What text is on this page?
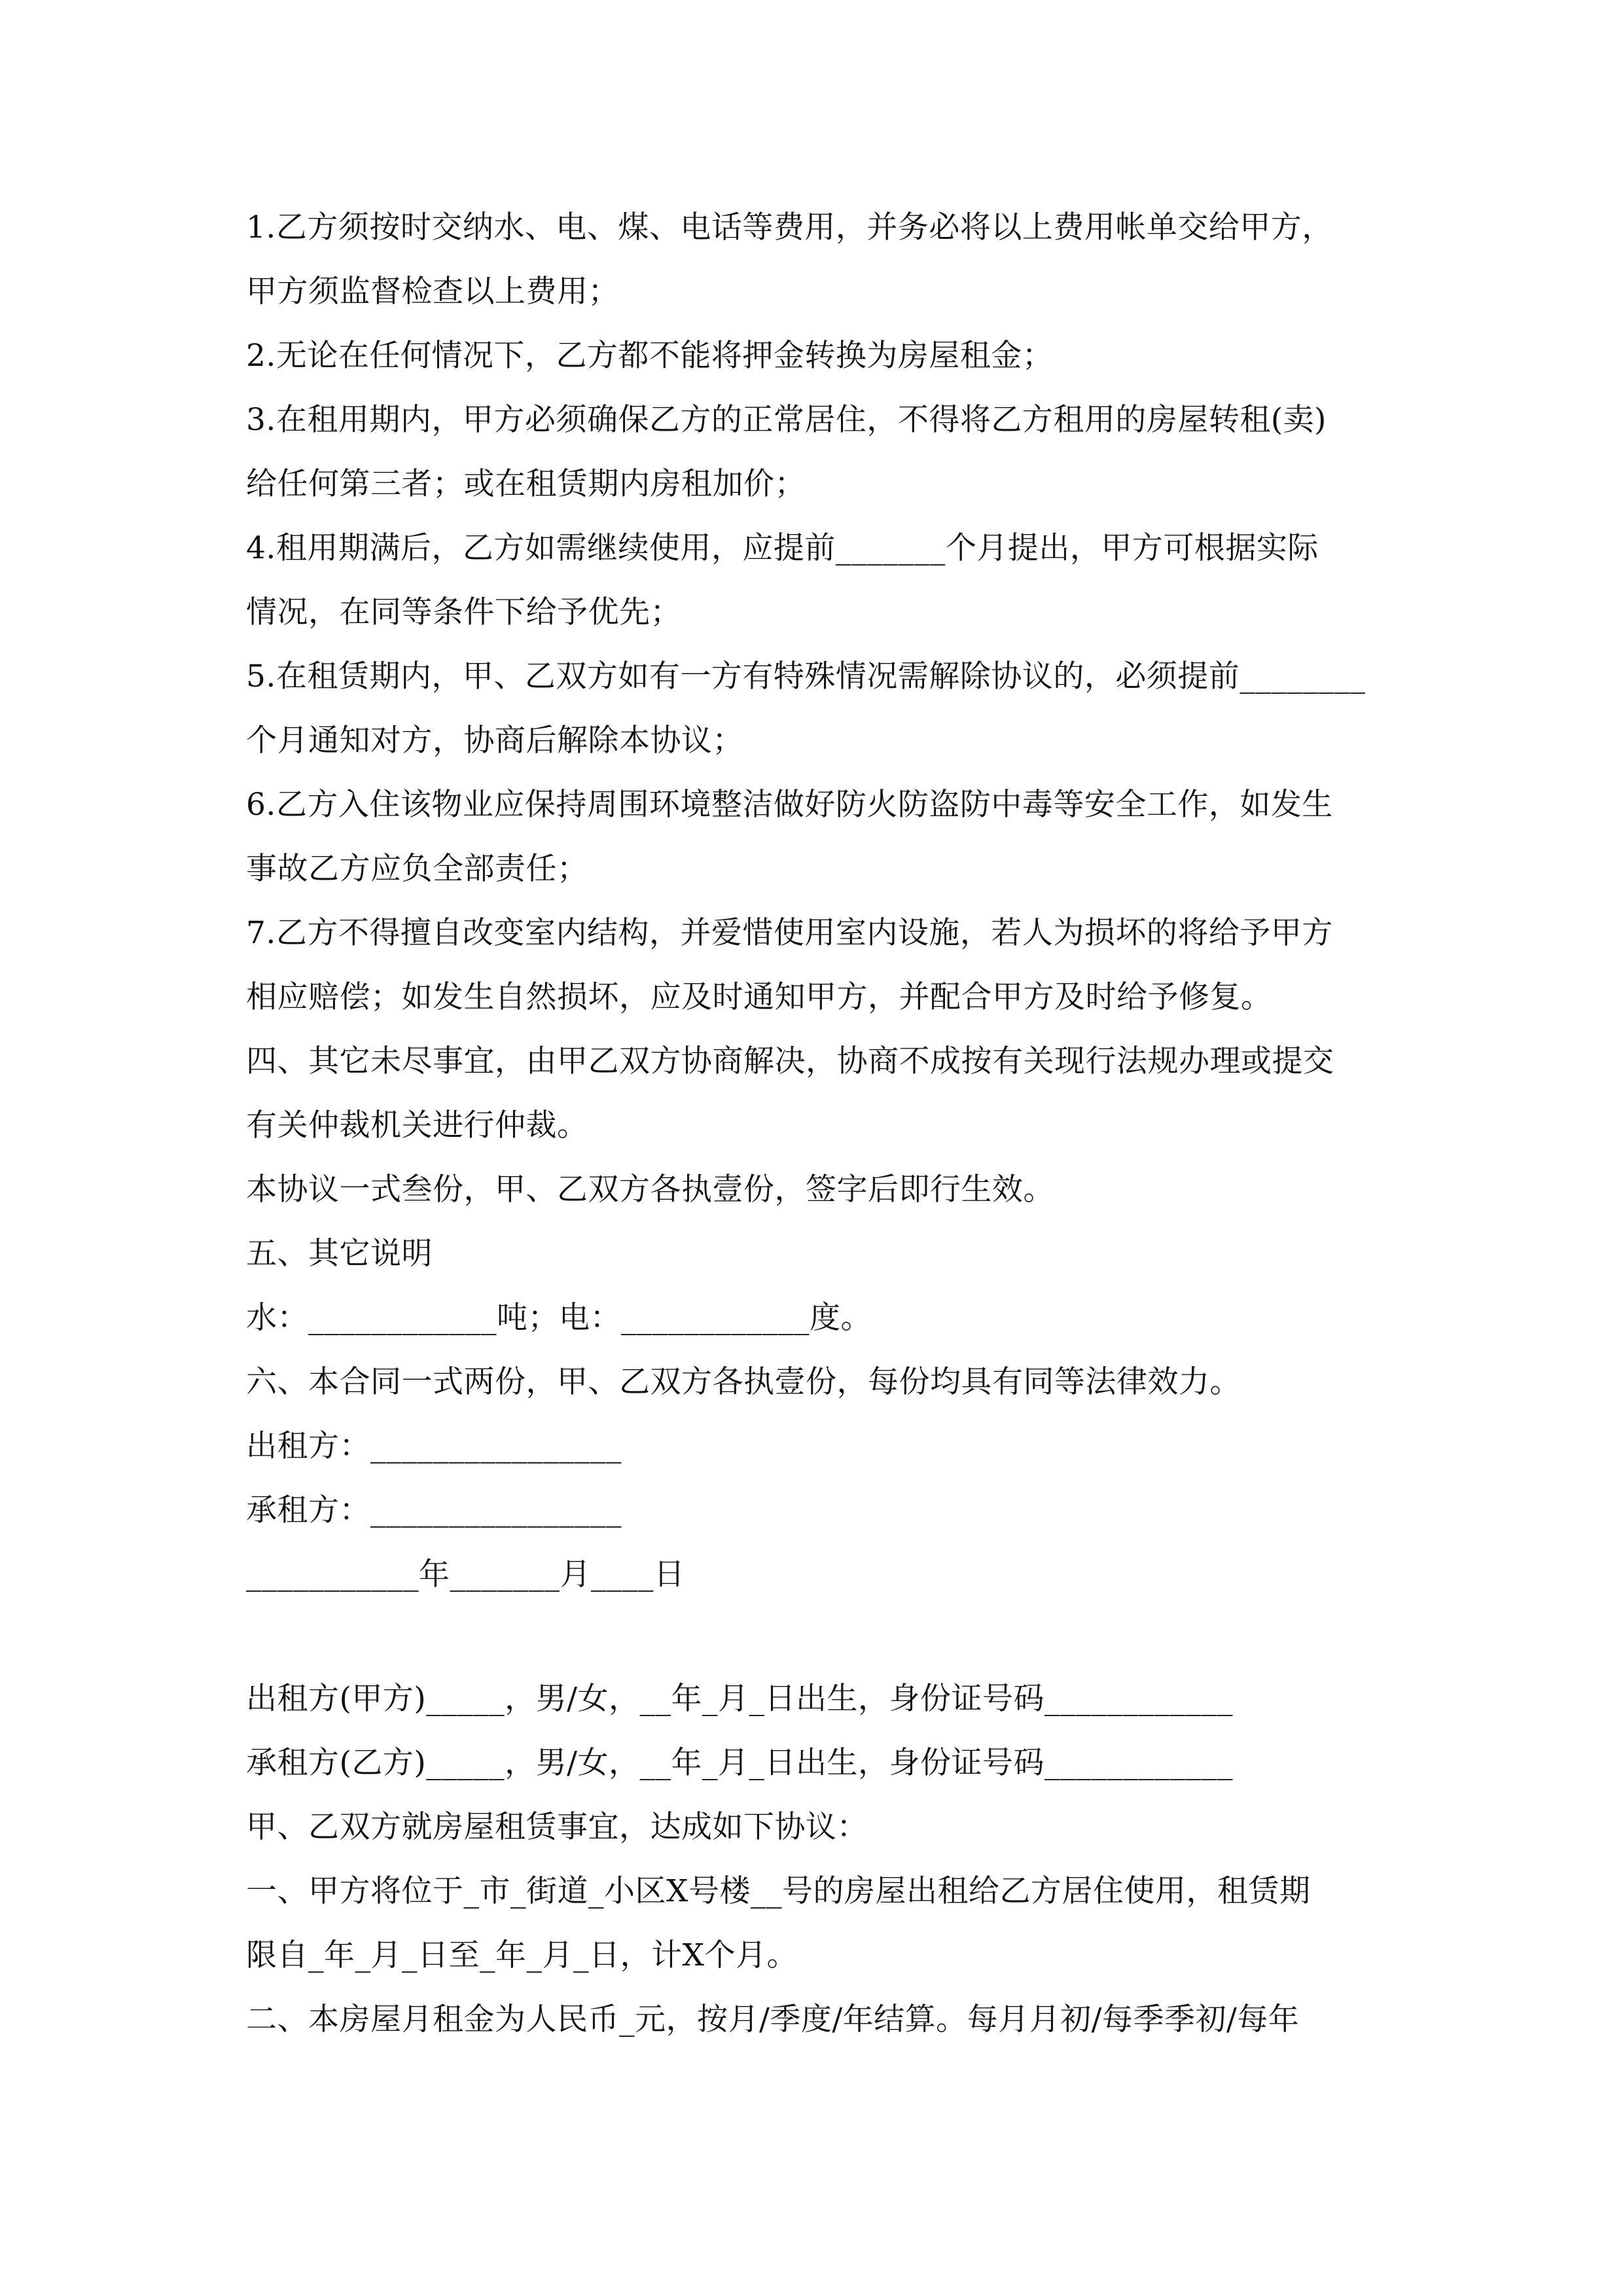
1.乙方须按时交纳水、电、煤、电话等费用，并务必将以上费用帐单交给甲方，
甲方须监督检查以上费用；
2.无论在任何情况下，乙方都不能将押金转换为房屋租金；
3.在租用期内，甲方必须确保乙方的正常居住，不得将乙方租用的房屋转租(卖)
给任何第三者；或在租赁期内房租加价；
4.租用期满后，乙方如需继续使用，应提前_______个月提出，甲方可根据实际
情况，在同等条件下给予优先；
5.在租赁期内，甲、乙双方如有一方有特殊情况需解除协议的，必须提前________
个月通知对方，协商后解除本协议；
6.乙方入住该物业应保持周围环境整洁做好防火防盗防中毒等安全工作，如发生
事故乙方应负全部责任；
7.乙方不得擅自改变室内结构，并爱惜使用室内设施，若人为损坏的将给予甲方
相应赔偿；如发生自然损坏，应及时通知甲方，并配合甲方及时给予修复。
四、其它未尽事宜，由甲乙双方协商解决，协商不成按有关现行法规办理或提交
有关仲裁机关进行仲裁。
本协议一式叁份，甲、乙双方各执壹份，签字后即行生效。
五、其它说明
水：____________吨；电：____________度。
六、本合同一式两份，甲、乙双方各执壹份，每份均具有同等法律效力。
出租方：________________
承租方：________________
___________年_______月____日
出租方(甲方)_____，男/女，__年_月_日出生，身份证号码____________
承租方(乙方)_____，男/女，__年_月_日出生，身份证号码____________
甲、乙双方就房屋租赁事宜，达成如下协议：
一、甲方将位于_市_街道_小区X号楼__号的房屋出租给乙方居住使用，租赁期
限自_年_月_日至_年_月_日，计X个月。
二、本房屋月租金为人民币_元，按月/季度/年结算。每月月初/每季季初/每年
